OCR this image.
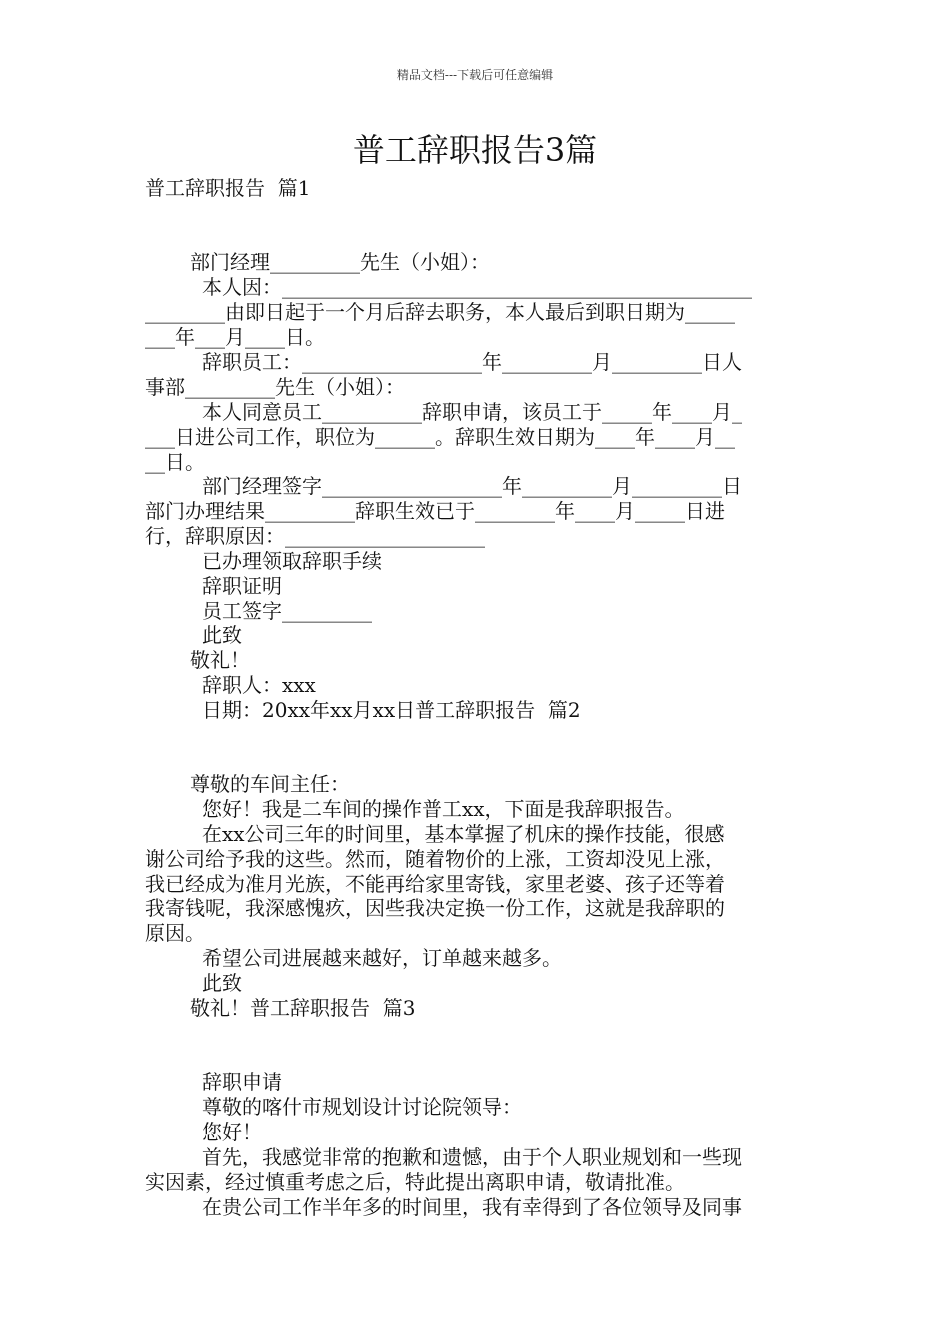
精品文档---下载后可任意编辑
普工辞职报告3篇
普工辞职报告  篇1
部门经理_________先生（小姐）：
本人因：_______________________________________________
________由即日起于一个月后辞去职务，本人最后到职日期为_____
___年___月____日。
辞职员工：__________________年_________月_________日人
事部_________先生（小姐）：
本人同意员工__________辞职申请，该员工于_____年____月_
___日进公司工作，职位为______。辞职生效日期为____年____月__
__日。
部门经理签字__________________年_________月_________日
部门办理结果_________辞职生效已于________年____月_____日进
行，辞职原因：____________________
已办理领取辞职手续
辞职证明
员工签字_________
此致
敬礼！
辞职人：xxx
日期：20xx年xx月xx日普工辞职报告  篇2
尊敬的车间主任：
您好！我是二车间的操作普工xx，下面是我辞职报告。
在xx公司三年的时间里，基本掌握了机床的操作技能，很感
谢公司给予我的这些。然而，随着物价的上涨，工资却没见上涨，
我已经成为准月光族，不能再给家里寄钱，家里老婆、孩子还等着
我寄钱呢，我深感愧疚，因些我决定换一份工作，这就是我辞职的
原因。
希望公司进展越来越好，订单越来越多。
此致
敬礼！普工辞职报告  篇3
辞职申请
尊敬的喀什市规划设计讨论院领导：
您好！
首先，我感觉非常的抱歉和遗憾，由于个人职业规划和一些现
实因素，经过慎重考虑之后，特此提出离职申请，敬请批准。
在贵公司工作半年多的时间里，我有幸得到了各位领导及同事
